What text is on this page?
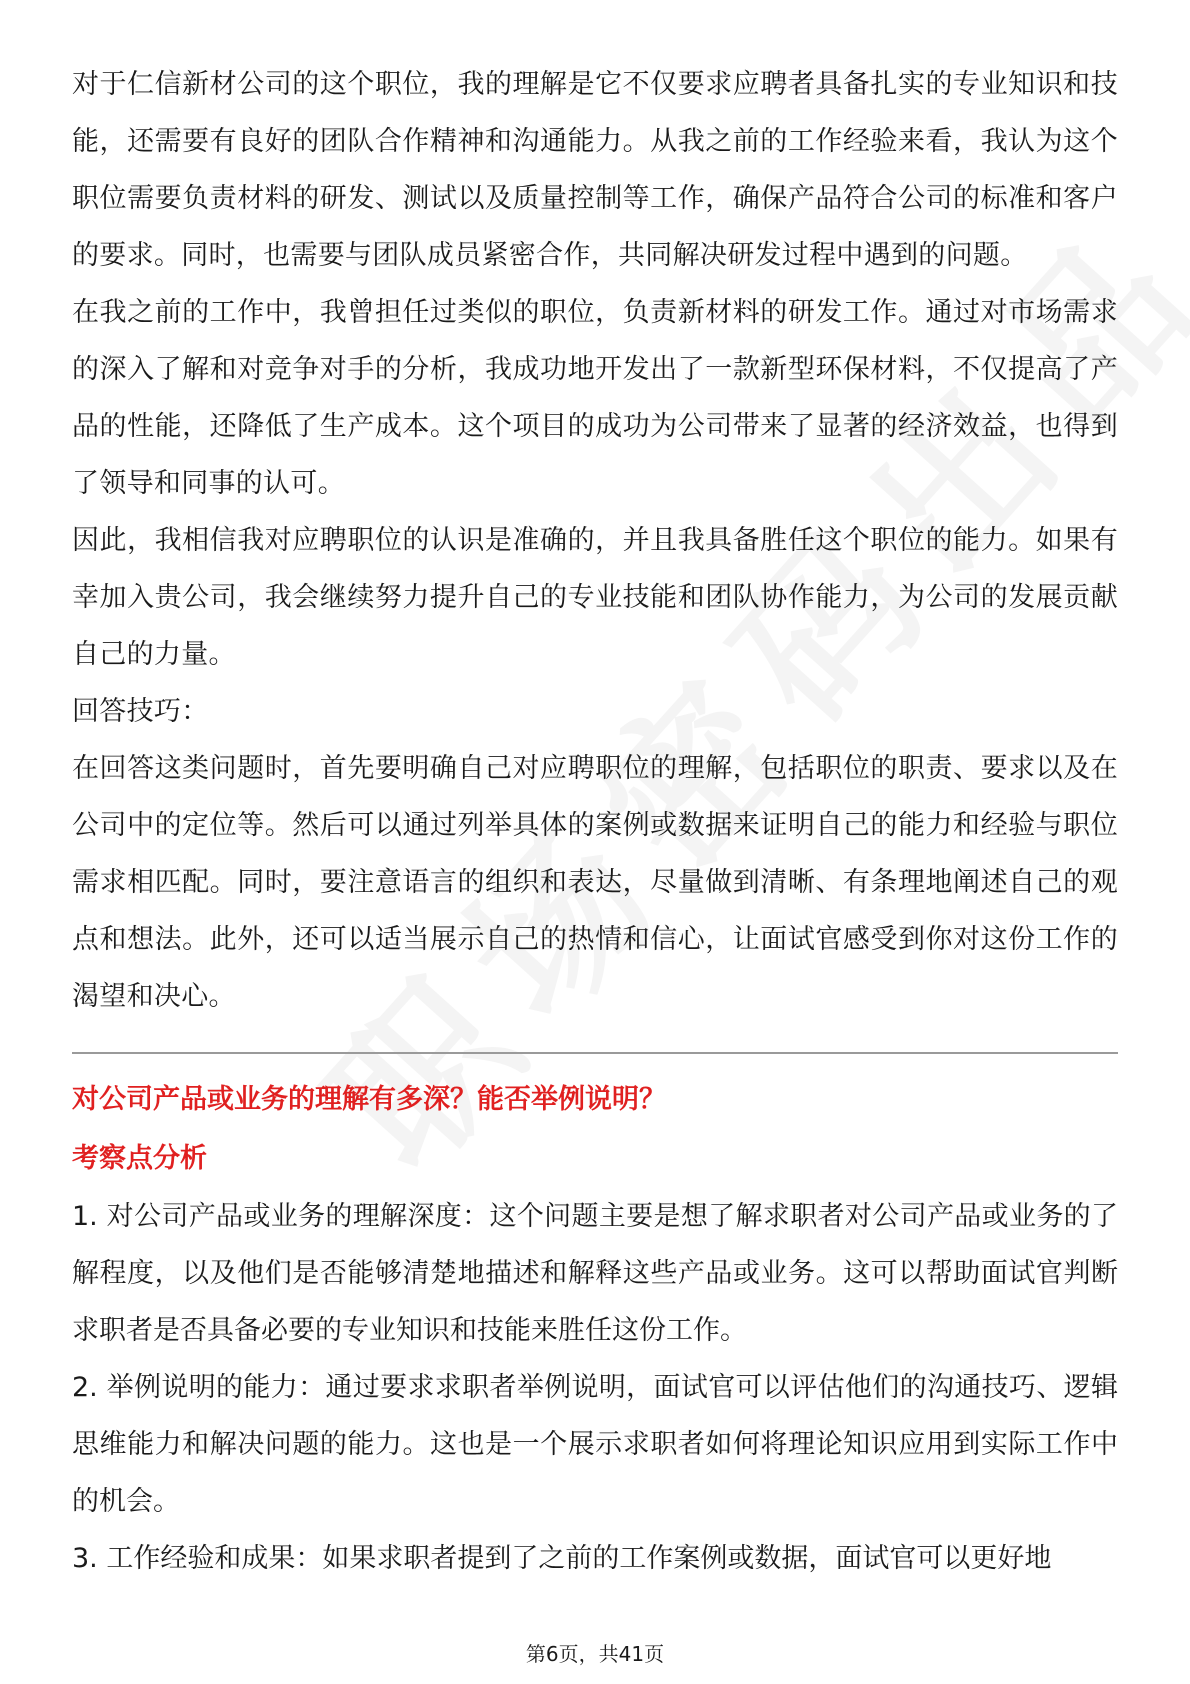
对于仁信新材公司的这个职位，我的理解是它不仅要求应聘者具备扎实的专业知识和技能，还需要有良好的团队合作精神和沟通能力。从我之前的工作经验来看，我认为这个职位需要负责材料的研发、测试以及质量控制等工作，确保产品符合公司的标准和客户的要求。同时，也需要与团队成员紧密合作，共同解决研发过程中遇到的问题。

在我之前的工作中，我曾担任过类似的职位，负责新材料的研发工作。通过对市场需求的深入了解和对竞争对手的分析，我成功地开发出了一款新型环保材料，不仅提高了产品的性能，还降低了生产成本。这个项目的成功为公司带来了显著的经济效益，也得到了领导和同事的认可。

因此，我相信我对应聘职位的认识是准确的，并且我具备胜任这个职位的能力。如果有幸加入贵公司，我会继续努力提升自己的专业技能和团队协作能力，为公司的发展贡献自己的力量。

回答技巧：

在回答这类问题时，首先要明确自己对应聘职位的理解，包括职位的职责、要求以及在公司中的定位等。然后可以通过列举具体的案例或数据来证明自己的能力和经验与职位需求相匹配。同时，要注意语言的组织和表达，尽量做到清晰、有条理地阐述自己的观点和想法。此外，还可以适当展示自己的热情和信心，让面试官感受到你对这份工作的渴望和决心。

对公司产品或业务的理解有多深？能否举例说明？

考察点分析

1. 对公司产品或业务的理解深度：这个问题主要是想了解求职者对公司产品或业务的了解程度，以及他们是否能够清楚地描述和解释这些产品或业务。这可以帮助面试官判断求职者是否具备必要的专业知识和技能来胜任这份工作。

2. 举例说明的能力：通过要求求职者举例说明，面试官可以评估他们的沟通技巧、逻辑思维能力和解决问题的能力。这也是一个展示求职者如何将理论知识应用到实际工作中的机会。

3. 工作经验和成果：如果求职者提到了之前的工作案例或数据，面试官可以更好地

第6页，共41页
